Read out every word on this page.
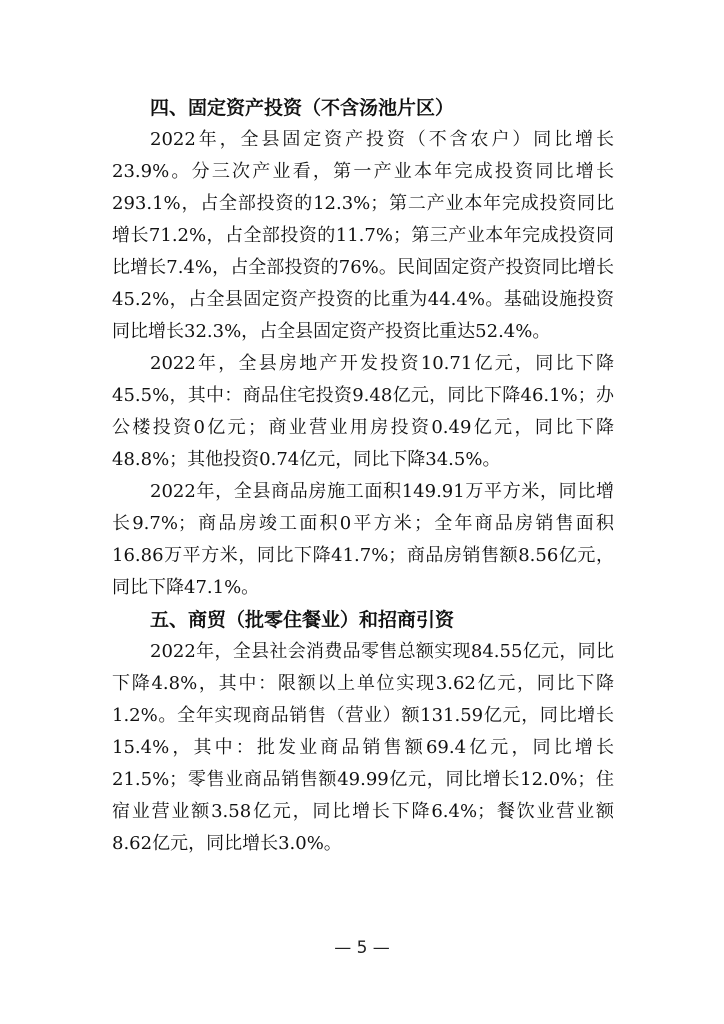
四、固定资产投资（不含汤池片区）

2022年，全县固定资产投资（不含农户）同比增长23.9%。分三次产业看，第一产业本年完成投资同比增长293.1%，占全部投资的12.3%；第二产业本年完成投资同比增长71.2%，占全部投资的11.7%；第三产业本年完成投资同比增长7.4%，占全部投资的76%。民间固定资产投资同比增长45.2%，占全县固定资产投资的比重为44.4%。基础设施投资同比增长32.3%，占全县固定资产投资比重达52.4%。

2022年，全县房地产开发投资10.71亿元，同比下降45.5%，其中：商品住宅投资9.48亿元，同比下降46.1%；办公楼投资0亿元；商业营业用房投资0.49亿元，同比下降48.8%；其他投资0.74亿元，同比下降34.5%。

2022年，全县商品房施工面积149.91万平方米，同比增长9.7%；商品房竣工面积0平方米；全年商品房销售面积16.86万平方米，同比下降41.7%；商品房销售额8.56亿元，同比下降47.1%。

五、商贸（批零住餐业）和招商引资

2022年，全县社会消费品零售总额实现84.55亿元，同比下降4.8%，其中：限额以上单位实现3.62亿元，同比下降1.2%。全年实现商品销售（营业）额131.59亿元，同比增长15.4%，其中：批发业商品销售额69.4亿元，同比增长21.5%；零售业商品销售额49.99亿元，同比增长12.0%；住宿业营业额3.58亿元，同比增长下降6.4%；餐饮业营业额8.62亿元，同比增长3.0%。

— 5 —
